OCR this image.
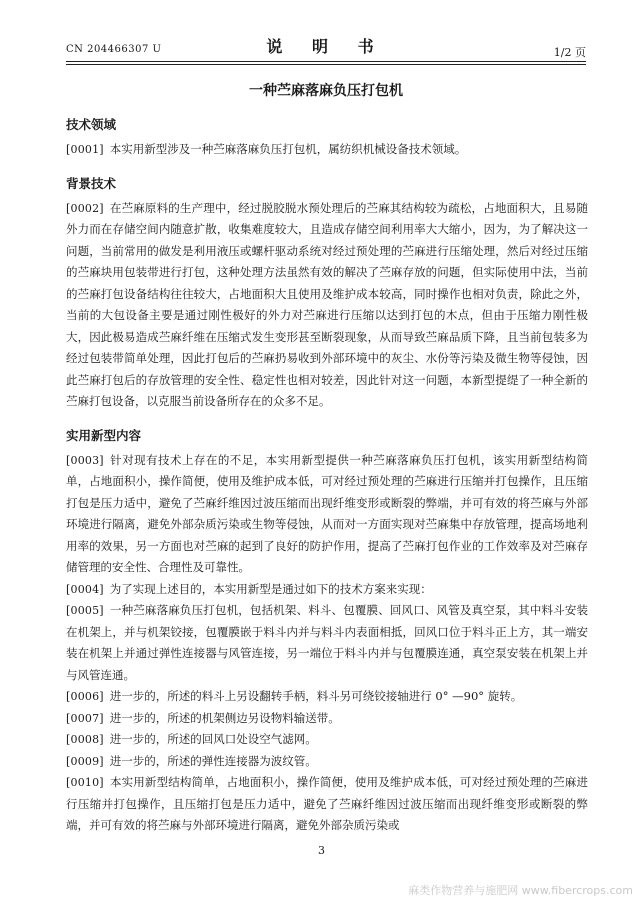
CN 204466307 U	说 明 书	1/2 页
一种苎麻落麻负压打包机
技术领域

[0001] 本实用新型涉及一种苎麻落麻负压打包机，属纺织机械设备技术领域。

背景技术

[0002] 在苎麻原料的生产理中，经过脱胶脱水预处理后的苎麻其结构较为疏松，占地面积大，且易随外力而在存储空间内随意扩散，收集难度较大，且造成存储空间利用率大大缩小，因为，为了解决这一问题，当前常用的做发是利用液压或螺杆驱动系统对经过预处理的苎麻进行压缩处理，然后对经过压缩的苎麻块用包装带进行打包，这种处理方法虽然有效的解决了苎麻存放的问题，但实际使用中法，当前的苎麻打包设备结构往往较大，占地面积大且使用及维护成本较高，同时操作也相对负责，除此之外，当前的大包设备主要是通过刚性极好的外力对苎麻进行压缩以达到打包的木点，但由于压缩力刚性极大，因此极易造成苎麻纤维在压缩式发生变形甚至断裂现象，从而导致苎麻品质下降，且当前包装多为经过包装带简单处理，因此打包后的苎麻扔易收到外部环境中的灰尘、水份等污染及微生物等侵蚀，因此苎麻打包后的存放管理的安全性、稳定性也相对较差，因此针对这一问题，本新型提缇了一种全新的苎麻打包设备，以克服当前设备所存在的众多不足。

实用新型内容

[0003] 针对现有技术上存在的不足，本实用新型提供一种苎麻落麻负压打包机，该实用新型结构简单，占地面积小，操作简便，使用及维护成本低，可对经过预处理的苎麻进行压缩并打包操作，且压缩打包是压力适中，避免了苎麻纤维因过波压缩而出现纤维变形或断裂的弊端，并可有效的将苎麻与外部环境进行隔离，避免外部杂质污染或生物等侵蚀，从而对一方面实现对苎麻集中存放管理，提高场地利用率的效果，另一方面也对苎麻的起到了良好的防护作用，提高了苎麻打包作业的工作效率及对苎麻存储管理的安全性、合理性及可靠性。

[0004] 为了实现上述目的，本实用新型是通过如下的技术方案来实现：

[0005] 一种苎麻落麻负压打包机，包括机架、料斗、包覆膜、回风口、风管及真空泵，其中料斗安装在机架上，并与机架铰接，包覆膜嵌于料斗内并与料斗内表面相抵，回风口位于料斗正上方，其一端安装在机架上并通过弹性连接器与风管连接，另一端位于料斗内并与包覆膜连通，真空泵安装在机架上并与风管连通。

[0006] 进一步的，所述的料斗上另设翻转手柄，料斗另可绕铰接轴进行 0° —90° 旋转。

[0007] 进一步的，所述的机架侧边另设物料输送带。

[0008] 进一步的，所述的回风口处设空气滤网。

[0009] 进一步的，所述的弹性连接器为波纹管。

[0010] 本实用新型结构简单，占地面积小，操作简便，使用及维护成本低，可对经过预处理的苎麻进行压缩并打包操作，且压缩打包是压力适中，避免了苎麻纤维因过波压缩而出现纤维变形或断裂的弊端，并可有效的将苎麻与外部环境进行隔离，避免外部杂质污染或

3
麻类作物营养与施肥网 www.fibercrops.com
